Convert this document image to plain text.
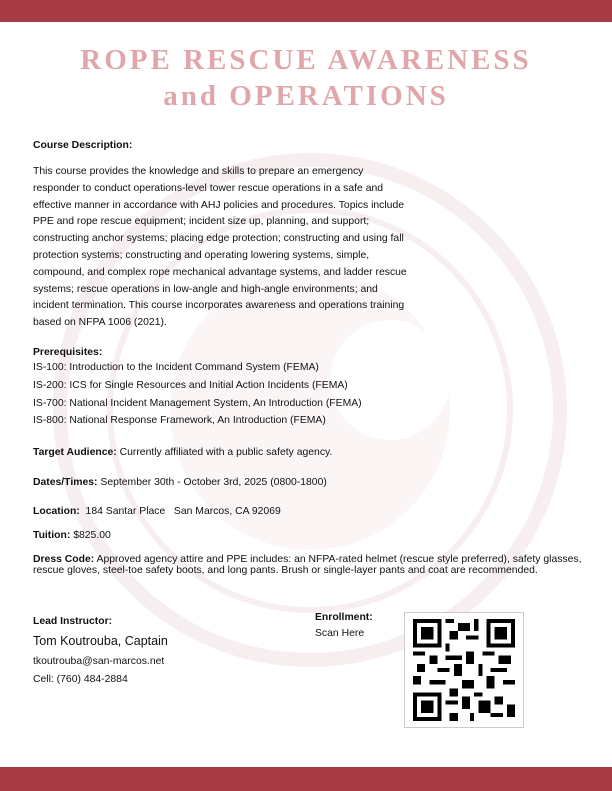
ROPE RESCUE AWARENESS
and OPERATIONS
Course Description:
This course provides the knowledge and skills to prepare an emergency responder to conduct operations-level tower rescue operations in a safe and effective manner in accordance with AHJ policies and procedures. Topics include PPE and rope rescue equipment; incident size up, planning, and support; constructing anchor systems; placing edge protection; constructing and using fall protection systems; constructing and operating lowering systems, simple, compound, and complex rope mechanical advantage systems, and ladder rescue systems; rescue operations in low-angle and high-angle environments; and incident termination. This course incorporates awareness and operations training based on NFPA 1006 (2021).
Prerequisites:
IS-100: Introduction to the Incident Command System (FEMA)
IS-200: ICS for Single Resources and Initial Action Incidents (FEMA)
IS-700: National Incident Management System, An Introduction (FEMA)
IS-800: National Response Framework, An Introduction (FEMA)
Target Audience: Currently affiliated with a public safety agency.
Dates/Times: September 30th - October 3rd, 2025 (0800-1800)
Location:  184 Santar Place   San Marcos, CA 92069
Tuition: $825.00
Dress Code: Approved agency attire and PPE includes: an NFPA-rated helmet (rescue style preferred), safety glasses, rescue gloves, steel-toe safety boots, and long pants. Brush or single-layer pants and coat are recommended.
Lead Instructor:
Tom Koutrouba, Captain
tkoutrouba@san-marcos.net
Cell: (760) 484-2884
Enrollment:
Scan Here
